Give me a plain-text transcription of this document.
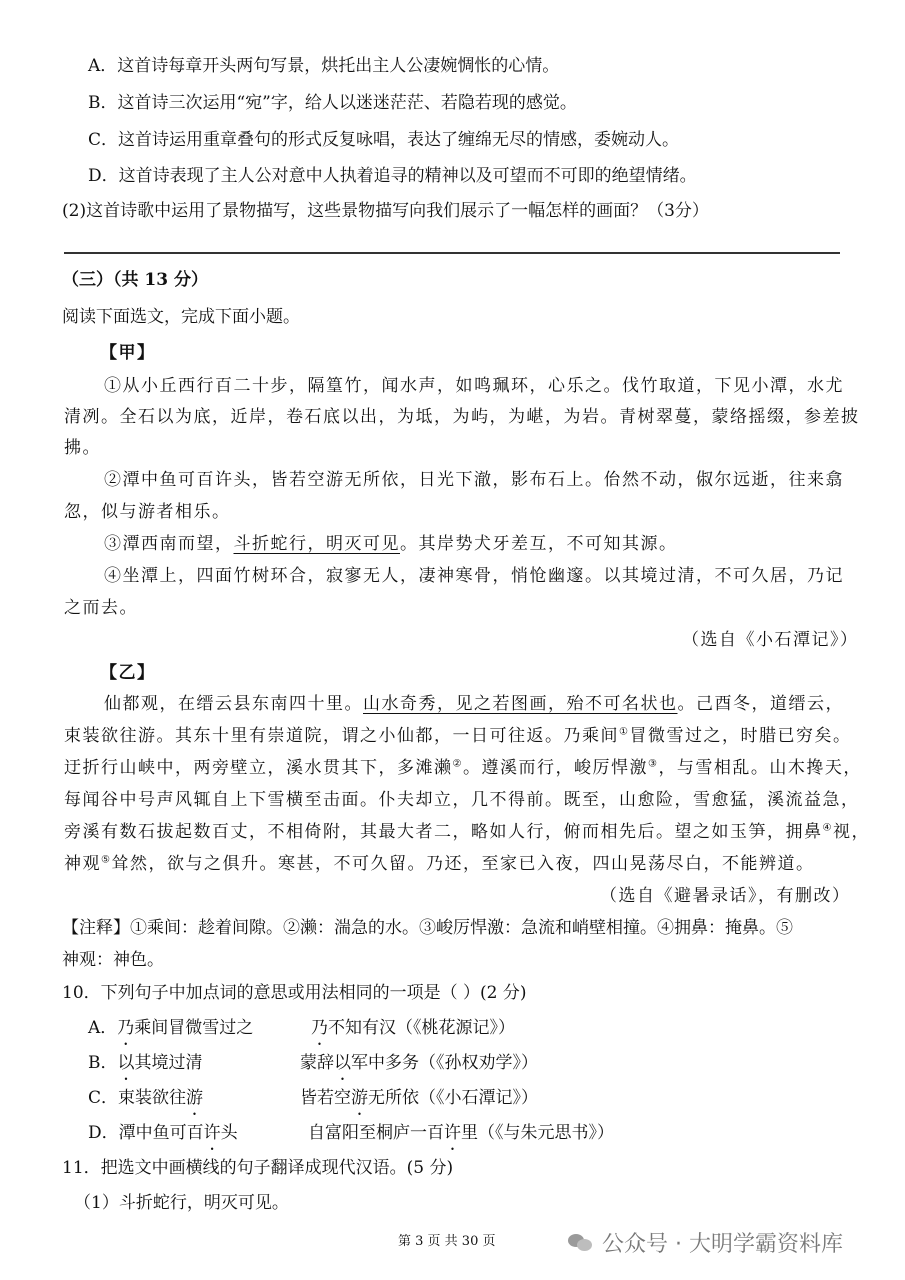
A．这首诗每章开头两句写景，烘托出主人公凄婉惆怅的心情。
B．这首诗三次运用“宛”字，给人以迷迷茫茫、若隐若现的感觉。
C．这首诗运用重章叠句的形式反复咏唱，表达了缠绵无尽的情感，委婉动人。
D．这首诗表现了主人公对意中人执着追寻的精神以及可望而不可即的绝望情绪。
(2)这首诗歌中运用了景物描写，这些景物描写向我们展示了一幅怎样的画面？（3分）
（三）（共 13 分）
阅读下面选文，完成下面小题。
【甲】
①从小丘西行百二十步，隔篁竹，闻水声，如鸣珮环，心乐之。伐竹取道，下见小潭，水尤
清冽。全石以为底，近岸，卷石底以出，为坻，为屿，为嵁，为岩。青树翠蔓，蒙络摇缀，参差披
拂。
②潭中鱼可百许头，皆若空游无所依，日光下澈，影布石上。佁然不动，俶尔远逝，往来翕
忽，似与游者相乐。
③潭西南而望，斗折蛇行，明灭可见。其岸势犬牙差互，不可知其源。
④坐潭上，四面竹树环合，寂寥无人，凄神寒骨，悄怆幽邃。以其境过清，不可久居，乃记
之而去。
（选自《小石潭记》）
【乙】
仙都观，在缙云县东南四十里。山水奇秀，见之若图画，殆不可名状也。己酉冬，道缙云，
束装欲往游。其东十里有崇道院，谓之小仙都，一日可往返。乃乘间①冒微雪过之，时腊已穷矣。
迂折行山峡中，两旁壁立，溪水贯其下，多滩濑②。遵溪而行，峻厉悍激③，与雪相乱。山木搀天，
每闻谷中号声风辄自上下雪横至击面。仆夫却立，几不得前。既至，山愈险，雪愈猛，溪流益急，
旁溪有数石拔起数百丈，不相倚附，其最大者二，略如人行，俯而相先后。望之如玉笋，拥鼻④视，
神观⑤耸然，欲与之俱升。寒甚，不可久留。乃还，至家已入夜，四山晃荡尽白，不能辨道。
（选自《避暑录话》，有删改）
【注释】①乘间：趁着间隙。②濑：湍急的水。③峻厉悍激：急流和峭壁相撞。④拥鼻：掩鼻。⑤
神观：神色。
10．下列句子中加点词的意思或用法相同的一项是（ ）(2 分)
A．乃乘间冒微雪过之	乃不知有汉（《桃花源记》）
B．以其境过清	蒙辞以军中多务（《孙权劝学》）
C．束装欲往游	皆若空游无所依（《小石潭记》）
D．潭中鱼可百许头	自富阳至桐庐一百许里（《与朱元思书》）
11．把选文中画横线的句子翻译成现代汉语。(5 分)
（1）斗折蛇行，明灭可见。
第 3 页 共 30 页	公众号 · 大明学霸资料库
